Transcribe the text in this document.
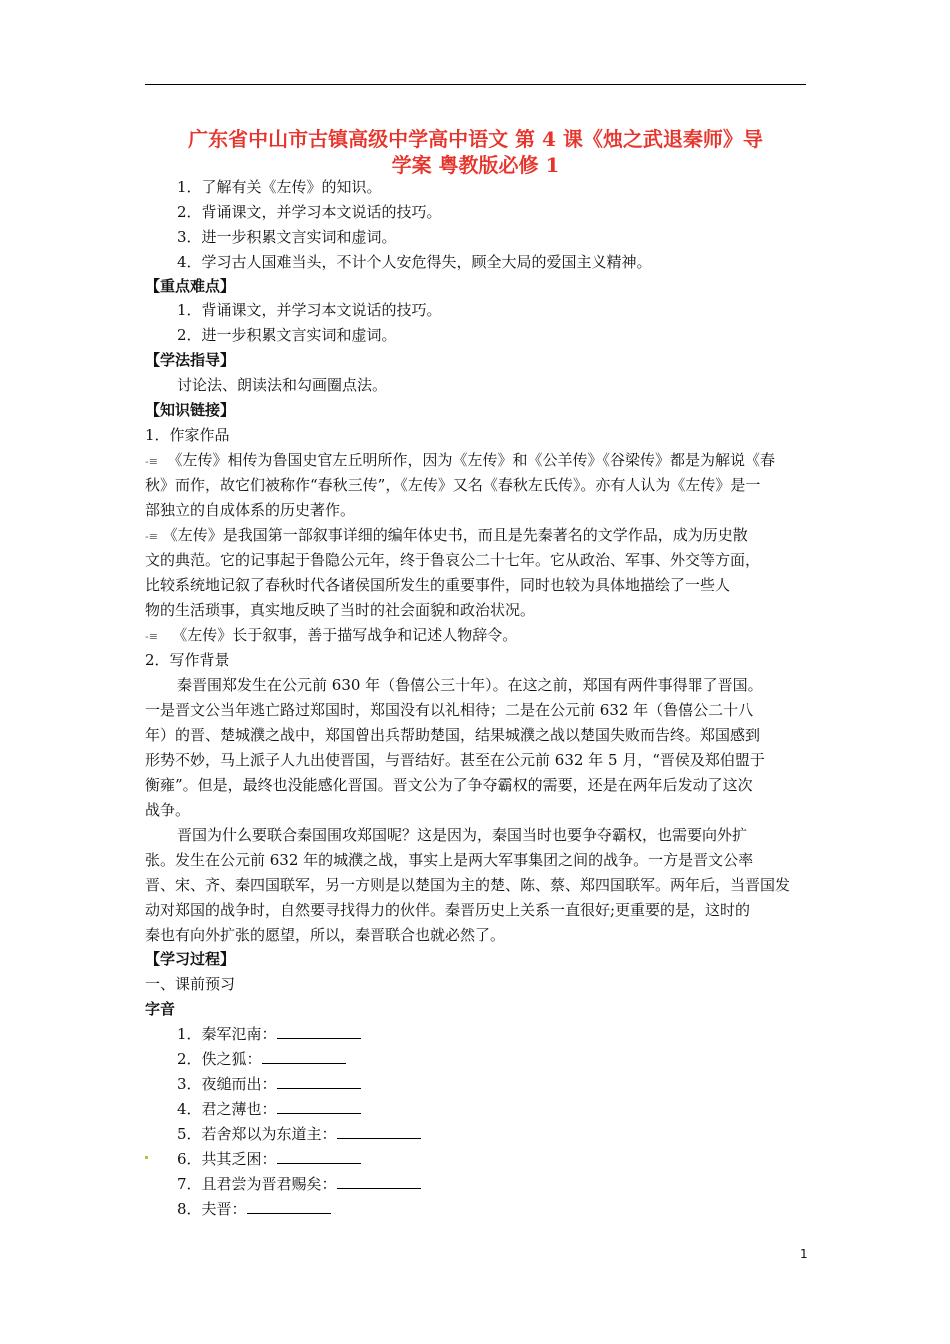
广东省中山市古镇高级中学高中语文 第 4 课《烛之武退秦师》导
学案 粤教版必修 1
1．了解有关《左传》的知识。
2．背诵课文，并学习本文说话的技巧。
3．进一步积累文言实词和虚词。
4．学习古人国难当头，不计个人安危得失，顾全大局的爱国主义精神。
【重点难点】
1．背诵课文，并学习本文说话的技巧。
2．进一步积累文言实词和虚词。
【学法指导】
讨论法、朗读法和勾画圈点法。
【知识链接】
1．作家作品
-≡ 《左传》相传为鲁国史官左丘明所作，因为《左传》和《公羊传》《谷梁传》都是为解说《春
秋》而作，故它们被称作“春秋三传”，《左传》又名《春秋左氏传》。亦有人认为《左传》是一
部独立的自成体系的历史著作。
-≡ 《左传》是我国第一部叙事详细的编年体史书，而且是先秦著名的文学作品，成为历史散
文的典范。它的记事起于鲁隐公元年，终于鲁哀公二十七年。它从政治、军事、外交等方面，
比较系统地记叙了春秋时代各诸侯国所发生的重要事件，同时也较为具体地描绘了一些人
物的生活琐事，真实地反映了当时的社会面貌和政治状况。
-≡ 《左传》长于叙事，善于描写战争和记述人物辞令。
2．写作背景
秦晋围郑发生在公元前 630 年（鲁僖公三十年）。在这之前，郑国有两件事得罪了晋国。
一是晋文公当年逃亡路过郑国时，郑国没有以礼相待；二是在公元前 632 年（鲁僖公二十八
年）的晋、楚城濮之战中，郑国曾出兵帮助楚国，结果城濮之战以楚国失败而告终。郑国感到
形势不妙，马上派子人九出使晋国，与晋结好。甚至在公元前 632 年 5 月，“晋侯及郑伯盟于
衡雍”。但是，最终也没能感化晋国。晋文公为了争夺霸权的需要，还是在两年后发动了这次
战争。
晋国为什么要联合秦国围攻郑国呢？这是因为，秦国当时也要争夺霸权，也需要向外扩
张。发生在公元前 632 年的城濮之战，事实上是两大军事集团之间的战争。一方是晋文公率
晋、宋、齐、秦四国联军，另一方则是以楚国为主的楚、陈、蔡、郑四国联军。两年后，当晋国发
动对郑国的战争时，自然要寻找得力的伙伴。秦晋历史上关系一直很好;更重要的是，这时的
秦也有向外扩张的愿望，所以，秦晋联合也就必然了。
【学习过程】
一、课前预习
字音
1．秦军氾南：
2．佚之狐：
3．夜缒而出：
4．君之薄也：
5．若舍郑以为东道主：
6．共其乏困：
7．且君尝为晋君赐矣：
8．夫晋：
1
